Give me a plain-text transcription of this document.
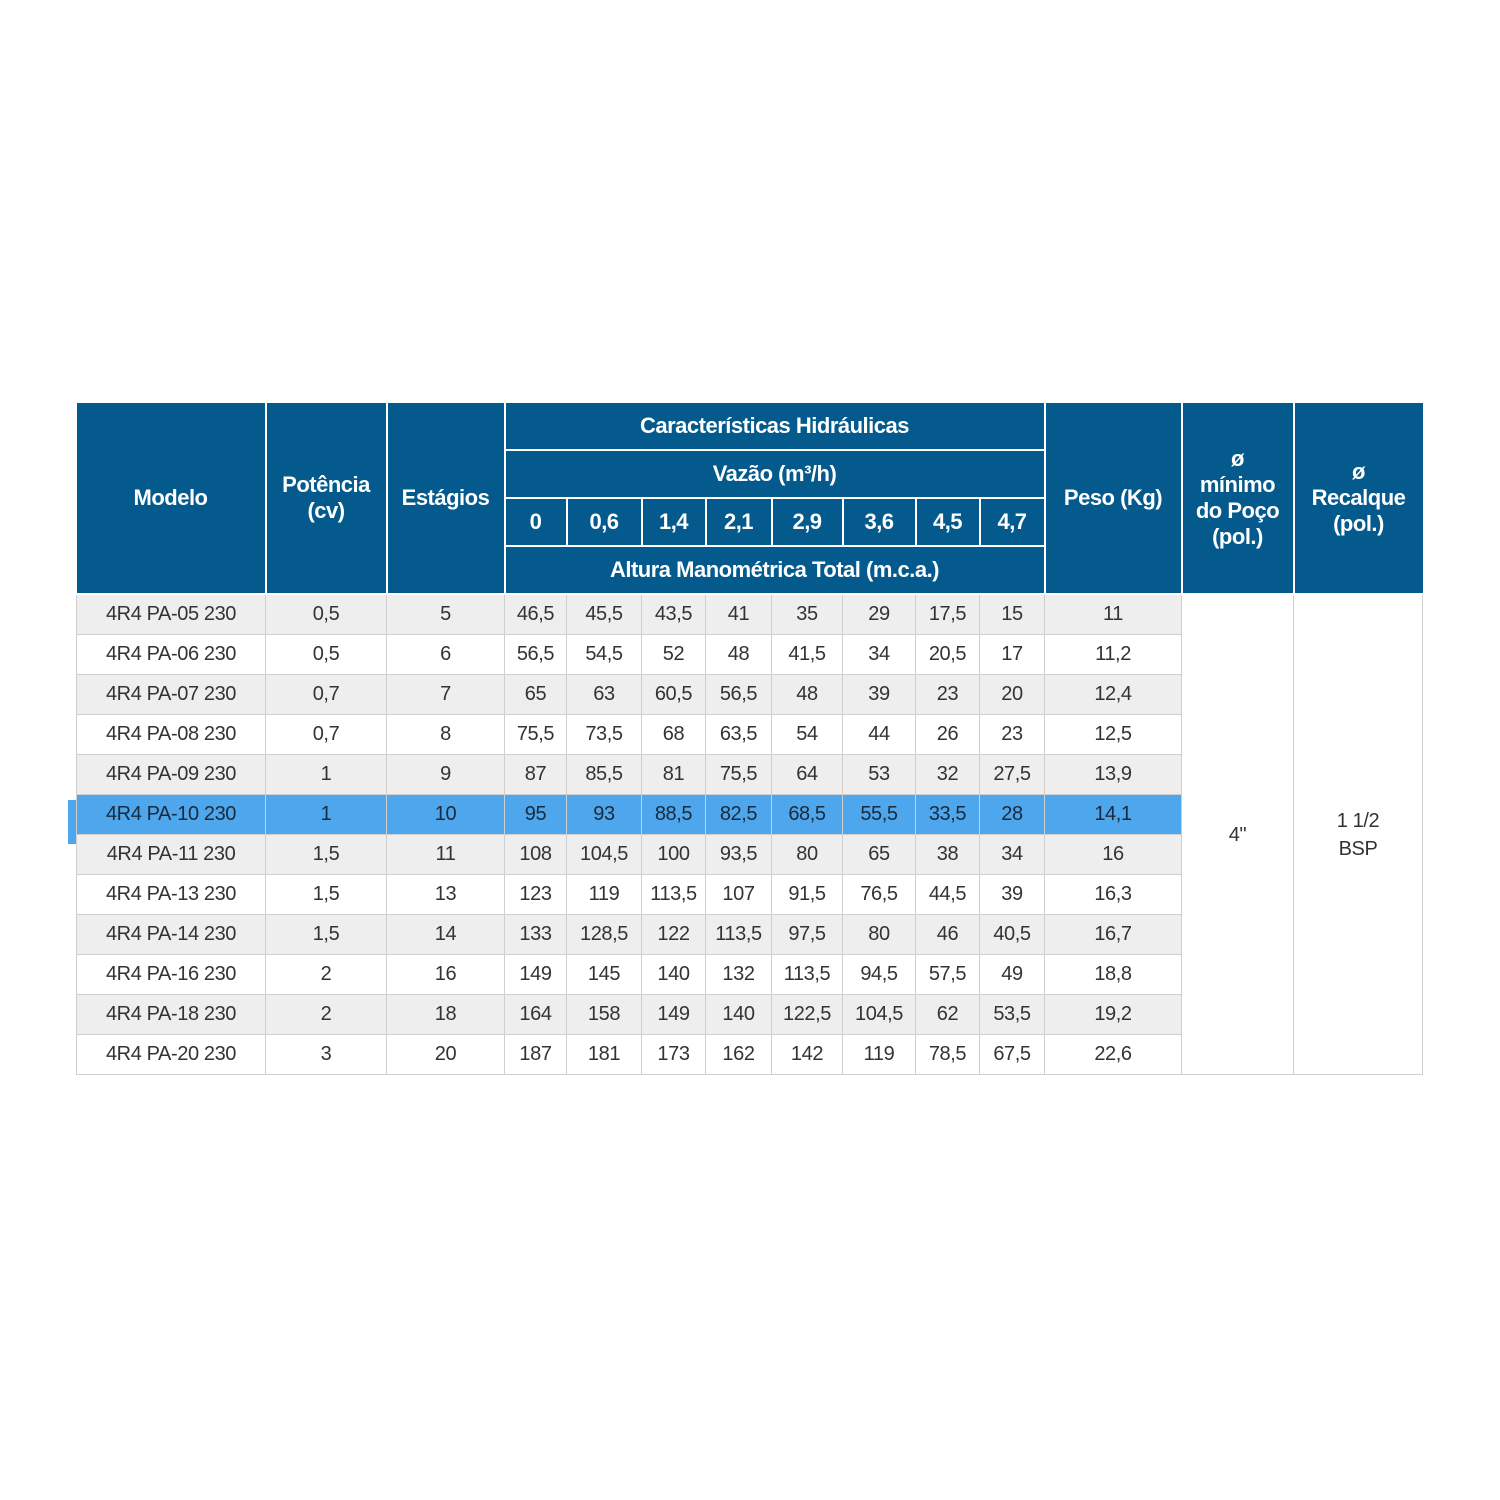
Modelo	Potência (cv)	Estágios	Características Hidráulicas								Peso (Kg)	ø mínimo do Poço (pol.)	ø Recalque (pol.)
			Vazão (m³/h)										
			0	0,6	1,4	2,1	2,9	3,6	4,5	4,7			
			Altura Manométrica Total (m.c.a.)										
4R4 PA-05 230	0,5	5	46,5	45,5	43,5	41	35	29	17,5	15	11	4"	1 1/2 BSP
4R4 PA-06 230	0,5	6	56,5	54,5	52	48	41,5	34	20,5	17	11,2		
4R4 PA-07 230	0,7	7	65	63	60,5	56,5	48	39	23	20	12,4		
4R4 PA-08 230	0,7	8	75,5	73,5	68	63,5	54	44	26	23	12,5		
4R4 PA-09 230	1	9	87	85,5	81	75,5	64	53	32	27,5	13,9		
4R4 PA-10 230	1	10	95	93	88,5	82,5	68,5	55,5	33,5	28	14,1		
4R4 PA-11 230	1,5	11	108	104,5	100	93,5	80	65	38	34	16		
4R4 PA-13 230	1,5	13	123	119	113,5	107	91,5	76,5	44,5	39	16,3		
4R4 PA-14 230	1,5	14	133	128,5	122	113,5	97,5	80	46	40,5	16,7		
4R4 PA-16 230	2	16	149	145	140	132	113,5	94,5	57,5	49	18,8		
4R4 PA-18 230	2	18	164	158	149	140	122,5	104,5	62	53,5	19,2		
4R4 PA-20 230	3	20	187	181	173	162	142	119	78,5	67,5	22,6		
